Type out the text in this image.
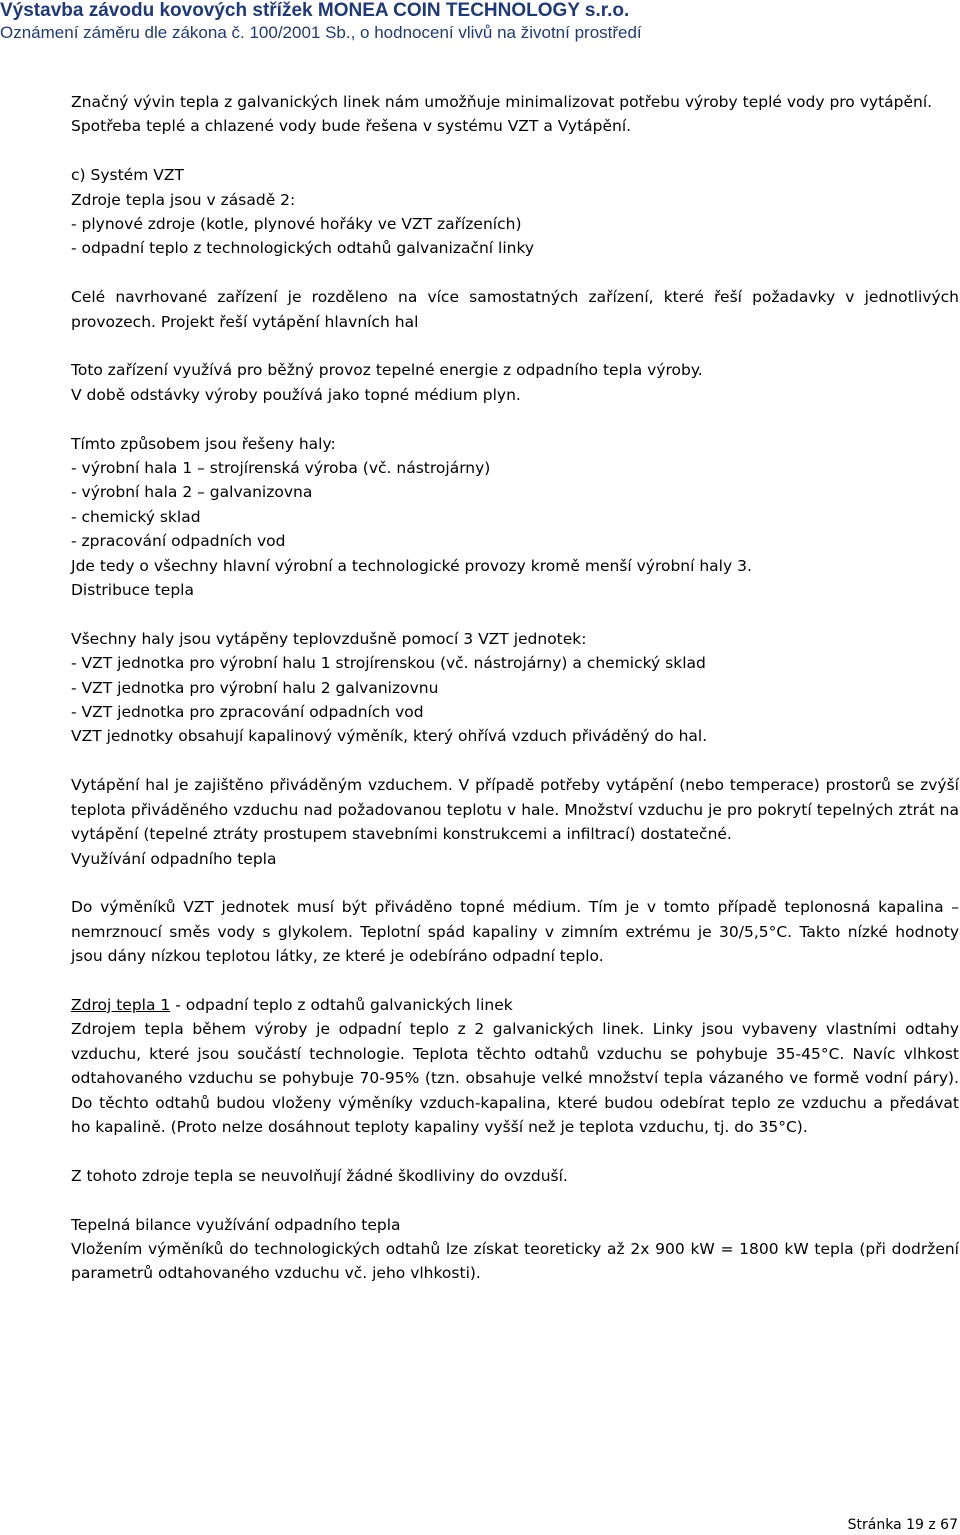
Výstavba závodu kovových střížek MONEA COIN TECHNOLOGY s.r.o.
Oznámení záměru dle zákona č. 100/2001 Sb., o hodnocení vlivů na životní prostředí

Značný vývin tepla z galvanických linek nám umožňuje minimalizovat potřebu výroby teplé vody pro vytápění.

Spotřeba teplé a chlazené vody bude řešena v systému VZT a Vytápění.

c) Systém VZT

Zdroje tepla jsou v zásadě 2:

- plynové zdroje (kotle, plynové hořáky ve VZT zařízeních)

- odpadní teplo z technologických odtahů galvanizační linky

Celé navrhované zařízení je rozděleno na více samostatných zařízení, které řeší požadavky v jednotlivých provozech. Projekt řeší vytápění hlavních hal

Toto zařízení využívá pro běžný provoz tepelné energie z odpadního tepla výroby.

V době odstávky výroby používá jako topné médium plyn.

Tímto způsobem jsou řešeny haly:

- výrobní hala 1 – strojírenská výroba (vč. nástrojárny)

- výrobní hala 2 – galvanizovna

- chemický sklad

- zpracování odpadních vod

Jde tedy o všechny hlavní výrobní a technologické provozy kromě menší výrobní haly 3.

Distribuce tepla

Všechny haly jsou vytápěny teplovzdušně pomocí 3 VZT jednotek:

- VZT jednotka pro výrobní halu 1 strojírenskou (vč. nástrojárny) a chemický sklad

- VZT jednotka pro výrobní halu 2 galvanizovnu

- VZT jednotka pro zpracování odpadních vod

VZT jednotky obsahují kapalinový výměník, který ohřívá vzduch přiváděný do hal.

Vytápění hal je zajištěno přiváděným vzduchem. V případě potřeby vytápění (nebo temperace) prostorů se zvýší teplota přiváděného vzduchu nad požadovanou teplotu v hale. Množství vzduchu je pro pokrytí tepelných ztrát na vytápění (tepelné ztráty prostupem stavebními konstrukcemi a infiltrací) dostatečné.

Využívání odpadního tepla

Do výměníků VZT jednotek musí být přiváděno topné médium. Tím je v tomto případě teplonosná kapalina – nemrznoucí směs vody s glykolem. Teplotní spád kapaliny v zimním extrému je 30/5,5°C. Takto nízké hodnoty jsou dány nízkou teplotou látky, ze které je odebíráno odpadní teplo.

Zdroj tepla 1 - odpadní teplo z odtahů galvanických linek

Zdrojem tepla během výroby je odpadní teplo z 2 galvanických linek. Linky jsou vybaveny vlastními odtahy vzduchu, které jsou součástí technologie. Teplota těchto odtahů vzduchu se pohybuje 35-45°C. Navíc vlhkost odtahovaného vzduchu se pohybuje 70-95% (tzn. obsahuje velké množství tepla vázaného ve formě vodní páry). Do těchto odtahů budou vloženy výměníky vzduch-kapalina, které budou odebírat teplo ze vzduchu a předávat ho kapalině. (Proto nelze dosáhnout teploty kapaliny vyšší než je teplota vzduchu, tj. do 35°C).

Z tohoto zdroje tepla se neuvolňují žádné škodliviny do ovzduší.

Tepelná bilance využívání odpadního tepla

Vložením výměníků do technologických odtahů lze získat teoreticky až 2x 900 kW = 1800 kW tepla (při dodržení parametrů odtahovaného vzduchu vč. jeho vlhkosti).

Stránka 19 z 67
